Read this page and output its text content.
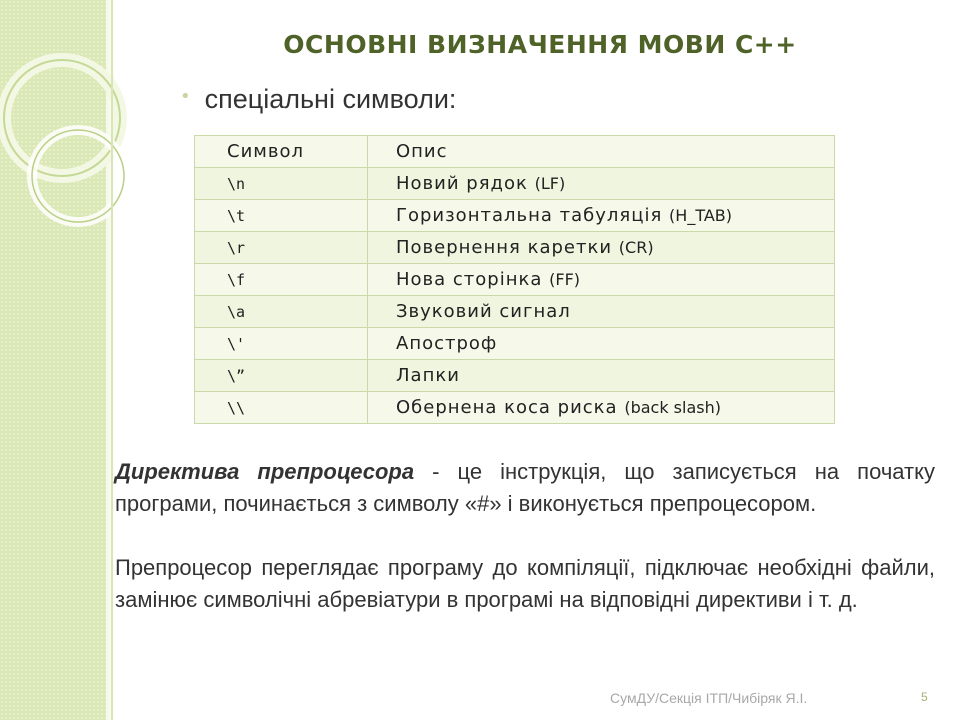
ОСНОВНІ ВИЗНАЧЕННЯ МОВИ С++
• спеціальні символи:
Символ	Опис
\n	Новий рядок (LF)
\t	Горизонтальна табуляція (H_TAB)
\r	Повернення каретки (CR)
\f	Нова сторінка (FF)
\a	Звуковий сигнал
\'	Апостроф
\”	Лапки
\\	Обернена коса риска (back slash)

Директива препроцесора - це інструкція, що записується на початку програми, починається з символу «#» і виконується препроцесором.

Препроцесор переглядає програму до компіляції, підключає необхідні файли, замінює символічні абревіатури в програмі на відповідні директиви і т. д.

СумДУ/Секція ІТП/Чибіряк Я.І.	5
